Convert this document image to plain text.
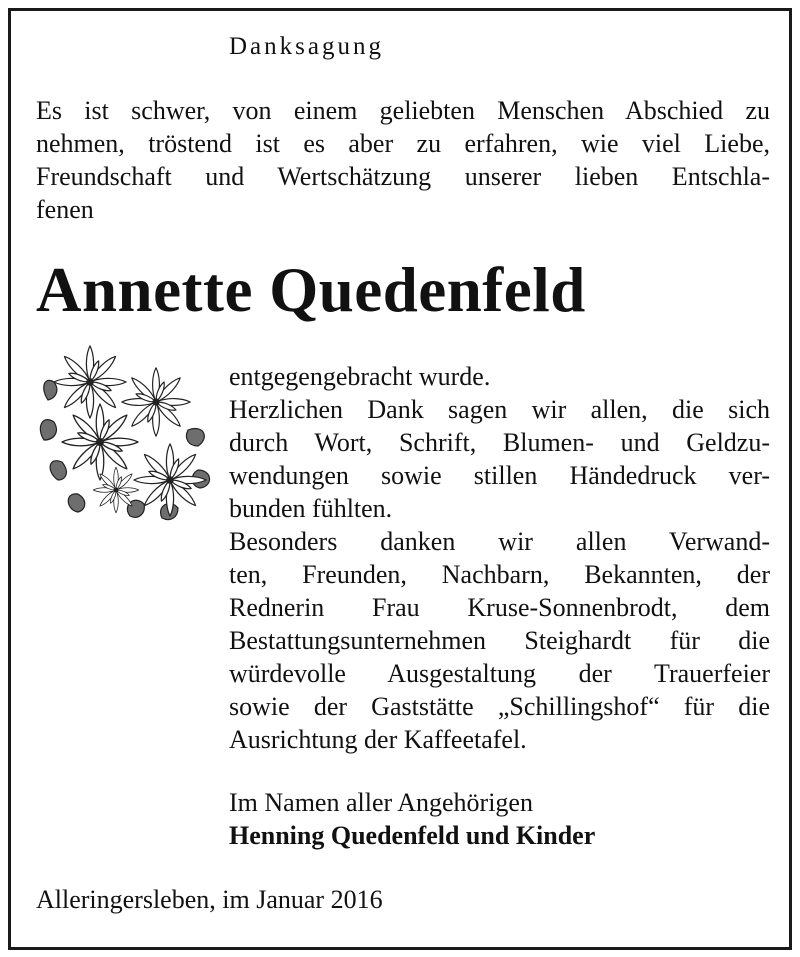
Danksagung
Es ist schwer, von einem geliebten Menschen Abschied zu
nehmen, tröstend ist es aber zu erfahren, wie viel Liebe,
Freundschaft und Wertschätzung unserer lieben Entschla-
fenen
Annette Quedenfeld
entgegengebracht wurde.
Herzlichen Dank sagen wir allen, die sich
durch Wort, Schrift, Blumen- und Geldzu-
wendungen sowie stillen Händedruck ver-
bunden fühlten.
Besonders danken wir allen Verwand-
ten, Freunden, Nachbarn, Bekannten, der
Rednerin Frau Kruse-Sonnenbrodt, dem
Bestattungsunternehmen Steighardt für die
würdevolle Ausgestaltung der Trauerfeier
sowie der Gaststätte „Schillingshof“ für die
Ausrichtung der Kaffeetafel.
Im Namen aller Angehörigen
Henning Quedenfeld und Kinder
Alleringersleben, im Januar 2016
